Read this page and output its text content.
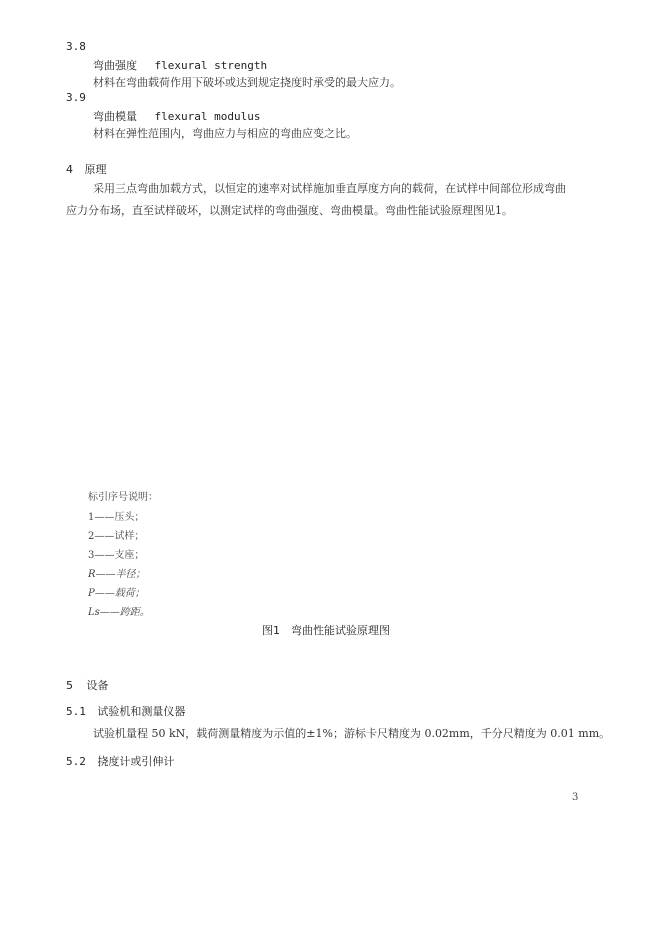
3.8
弯曲强度 flexural strength
材料在弯曲载荷作用下破坏或达到规定挠度时承受的最大应力。
3.9
弯曲模量 flexural modulus
材料在弹性范围内，弯曲应力与相应的弯曲应变之比。
4 原理
采用三点弯曲加载方式，以恒定的速率对试样施加垂直厚度方向的载荷，在试样中间部位形成弯曲
应力分布场，直至试样破坏，以测定试样的弯曲强度、弯曲模量。弯曲性能试验原理图见1。
标引序号说明：
1——压头；
2——试样；
3——支座；
R——半径；
P——载荷；
Ls——跨距。
图1　弯曲性能试验原理图
5 设备
5.1 试验机和测量仪器
试验机量程 50 kN，载荷测量精度为示值的±1%；游标卡尺精度为 0.02mm，千分尺精度为 0.01 mm。
5.2 挠度计或引伸计
3
